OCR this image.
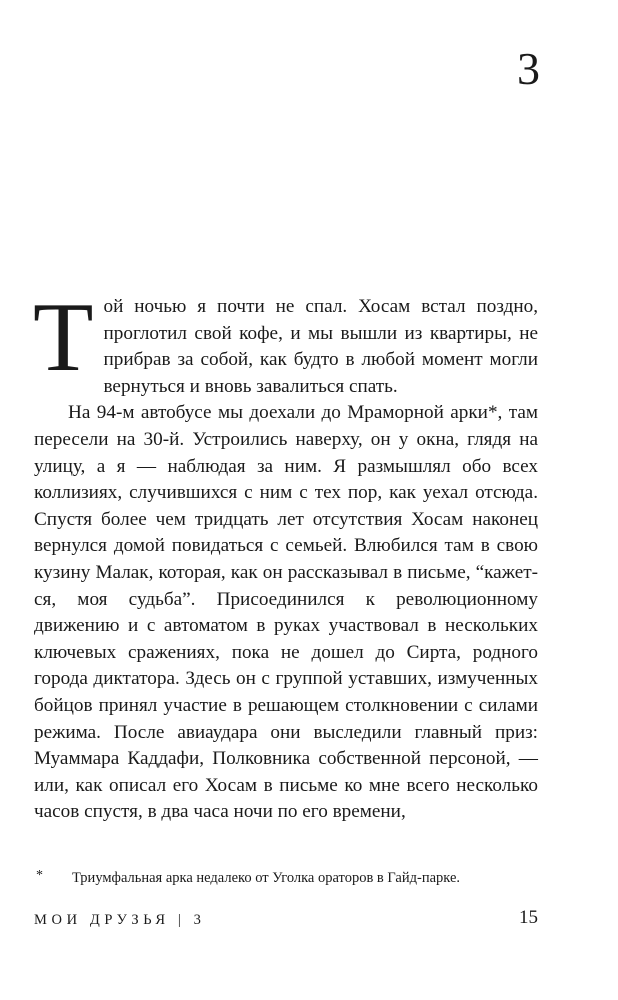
3

Той ночью я почти не спал. Хосам встал поздно, проглотил свой кофе, и мы вышли из квартиры, не прибрав за собой, как будто в любой момент могли вернуться и вновь завалиться спать.

На 94-м автобусе мы доехали до Мраморной арки*, там пересели на 30-й. Устроились наверху, он у окна, глядя на улицу, а я — наблюдая за ним. Я размышлял обо всех коллизиях, случившихся с ним с тех пор, как уехал отсюда. Спустя более чем тридцать лет отсутствия Хосам наконец вернулся домой повидаться с семьей. Влюбился там в свою кузину Малак, которая, как он рассказывал в письме, “кажется, моя судьба”. Присоединился к революционному движению и с автоматом в руках участвовал в нескольких ключевых сражениях, пока не дошел до Сирта, родного города диктатора. Здесь он с группой уставших, измученных бойцов принял участие в решающем столкновении с силами режима. После авиаудара они выследили главный приз: Муаммара Каддафи, Полковника собственной персоной, — или, как описал его Хосам в письме ко мне всего несколько часов спустя, в два часа ночи по его времени,

* Триумфальная арка недалеко от Уголка ораторов в Гайд-парке.
МОИ ДРУЗЬЯ | 3	15
